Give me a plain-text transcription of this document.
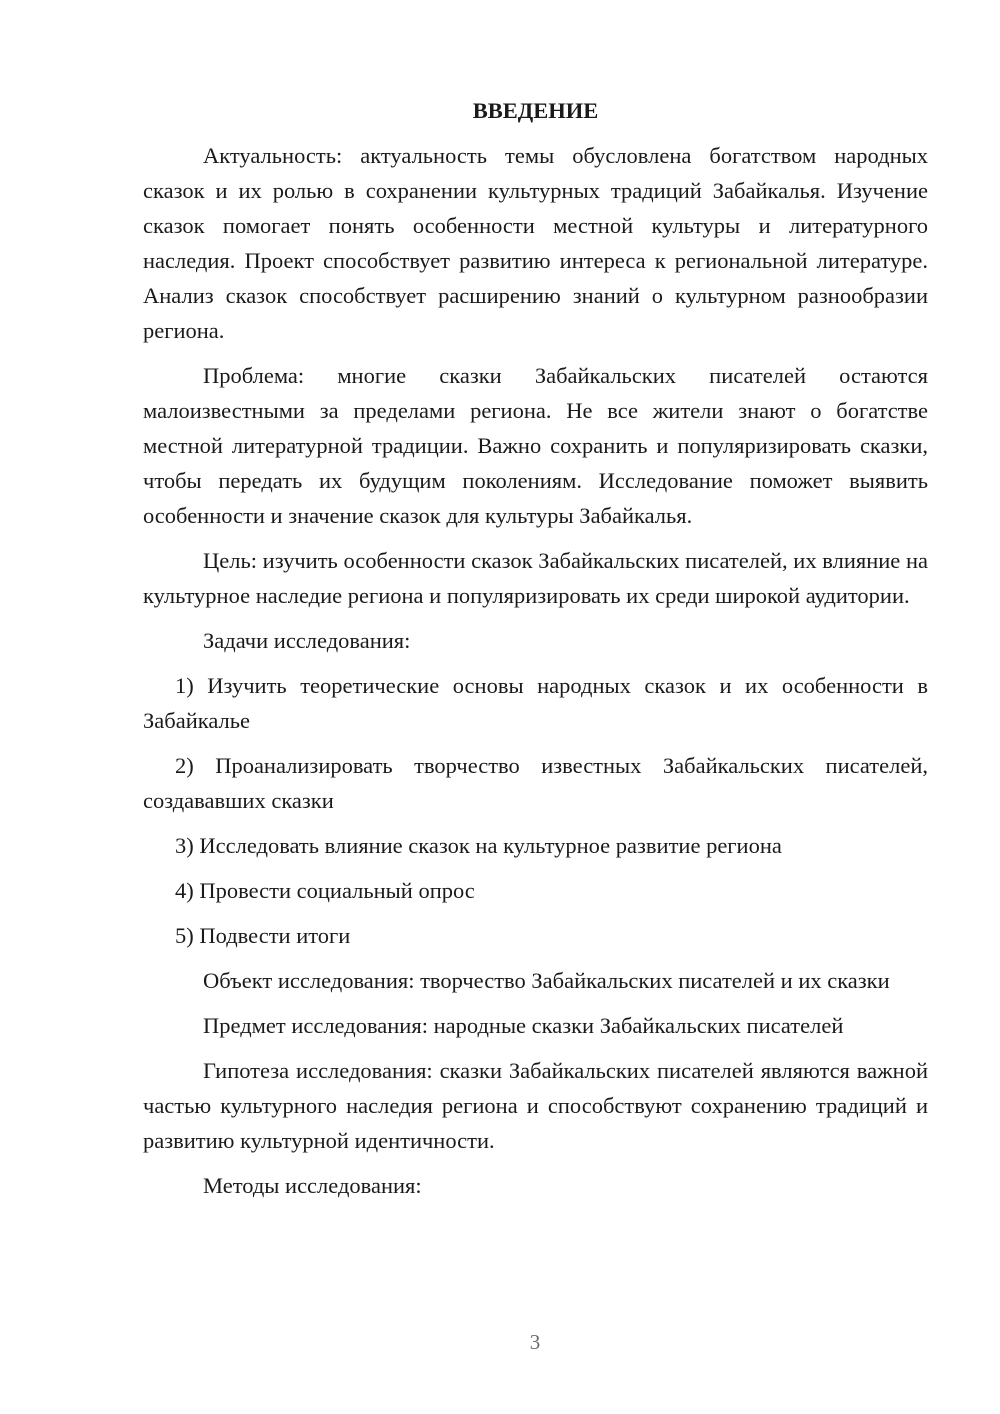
ВВЕДЕНИЕ

Актуальность: актуальность темы обусловлена богатством народных сказок и их ролью в сохранении культурных традиций Забайкалья. Изучение сказок помогает понять особенности местной культуры и литературного наследия. Проект способствует развитию интереса к региональной литературе. Анализ сказок способствует расширению знаний о культурном разнообразии региона.

Проблема: многие сказки Забайкальских писателей остаются малоизвестными за пределами региона. Не все жители знают о богатстве местной литературной традиции. Важно сохранить и популяризировать сказки, чтобы передать их будущим поколениям. Исследование поможет выявить особенности и значение сказок для культуры Забайкалья.

Цель: изучить особенности сказок Забайкальских писателей, их влияние на культурное наследие региона и популяризировать их среди широкой аудитории.

Задачи исследования:

1) Изучить теоретические основы народных сказок и их особенности в Забайкалье

2) Проанализировать творчество известных Забайкальских писателей, создававших сказки

3) Исследовать влияние сказок на культурное развитие региона

4) Провести социальный опрос

5) Подвести итоги

Объект исследования: творчество Забайкальских писателей и их сказки

Предмет исследования: народные сказки Забайкальских писателей

Гипотеза исследования: сказки Забайкальских писателей являются важной частью культурного наследия региона и способствуют сохранению традиций и развитию культурной идентичности.

Методы исследования:

3
